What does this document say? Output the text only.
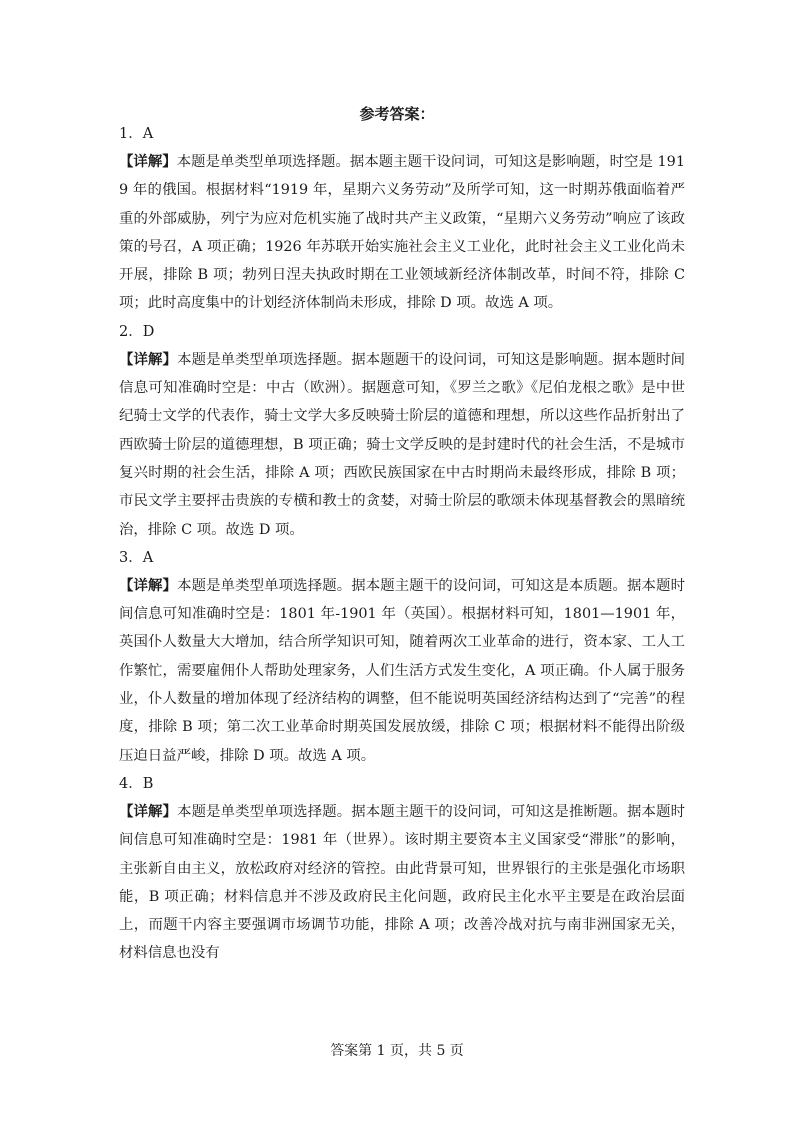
参考答案：

1．A

【详解】本题是单类型单项选择题。据本题主题干设问词，可知这是影响题，时空是 1919 年的俄国。根据材料“1919 年，星期六义务劳动”及所学可知，这一时期苏俄面临着严重的外部威胁，列宁为应对危机实施了战时共产主义政策，“星期六义务劳动”响应了该政策的号召，A 项正确；1926 年苏联开始实施社会主义工业化，此时社会主义工业化尚未开展，排除 B 项；勃列日涅夫执政时期在工业领域新经济体制改革，时间不符，排除 C 项；此时高度集中的计划经济体制尚未形成，排除 D 项。故选 A 项。

2．D

【详解】本题是单类型单项选择题。据本题题干的设问词，可知这是影响题。据本题时间信息可知准确时空是：中古（欧洲）。据题意可知，《罗兰之歌》《尼伯龙根之歌》是中世纪骑士文学的代表作，骑士文学大多反映骑士阶层的道德和理想，所以这些作品折射出了西欧骑士阶层的道德理想，B 项正确；骑士文学反映的是封建时代的社会生活，不是城市复兴时期的社会生活，排除 A 项；西欧民族国家在中古时期尚未最终形成，排除 B 项；市民文学主要抨击贵族的专横和教士的贪婪，对骑士阶层的歌颂未体现基督教会的黑暗统治，排除 C 项。故选 D 项。

3．A

【详解】本题是单类型单项选择题。据本题主题干的设问词，可知这是本质题。据本题时间信息可知准确时空是：1801 年-1901 年（英国）。根据材料可知，1801—1901 年，英国仆人数量大大增加，结合所学知识可知，随着两次工业革命的进行，资本家、工人工作繁忙，需要雇佣仆人帮助处理家务，人们生活方式发生变化，A 项正确。仆人属于服务业，仆人数量的增加体现了经济结构的调整，但不能说明英国经济结构达到了“完善”的程度，排除 B 项；第二次工业革命时期英国发展放缓，排除 C 项；根据材料不能得出阶级压迫日益严峻，排除 D 项。故选 A 项。

4．B

【详解】本题是单类型单项选择题。据本题主题干的设问词，可知这是推断题。据本题时间信息可知准确时空是：1981 年（世界）。该时期主要资本主义国家受“滞胀”的影响，主张新自由主义，放松政府对经济的管控。由此背景可知，世界银行的主张是强化市场职能，B 项正确；材料信息并不涉及政府民主化问题，政府民主化水平主要是在政治层面上，而题干内容主要强调市场调节功能，排除 A 项；改善冷战对抗与南非洲国家无关，材料信息也没有

答案第 1 页，共 5 页
